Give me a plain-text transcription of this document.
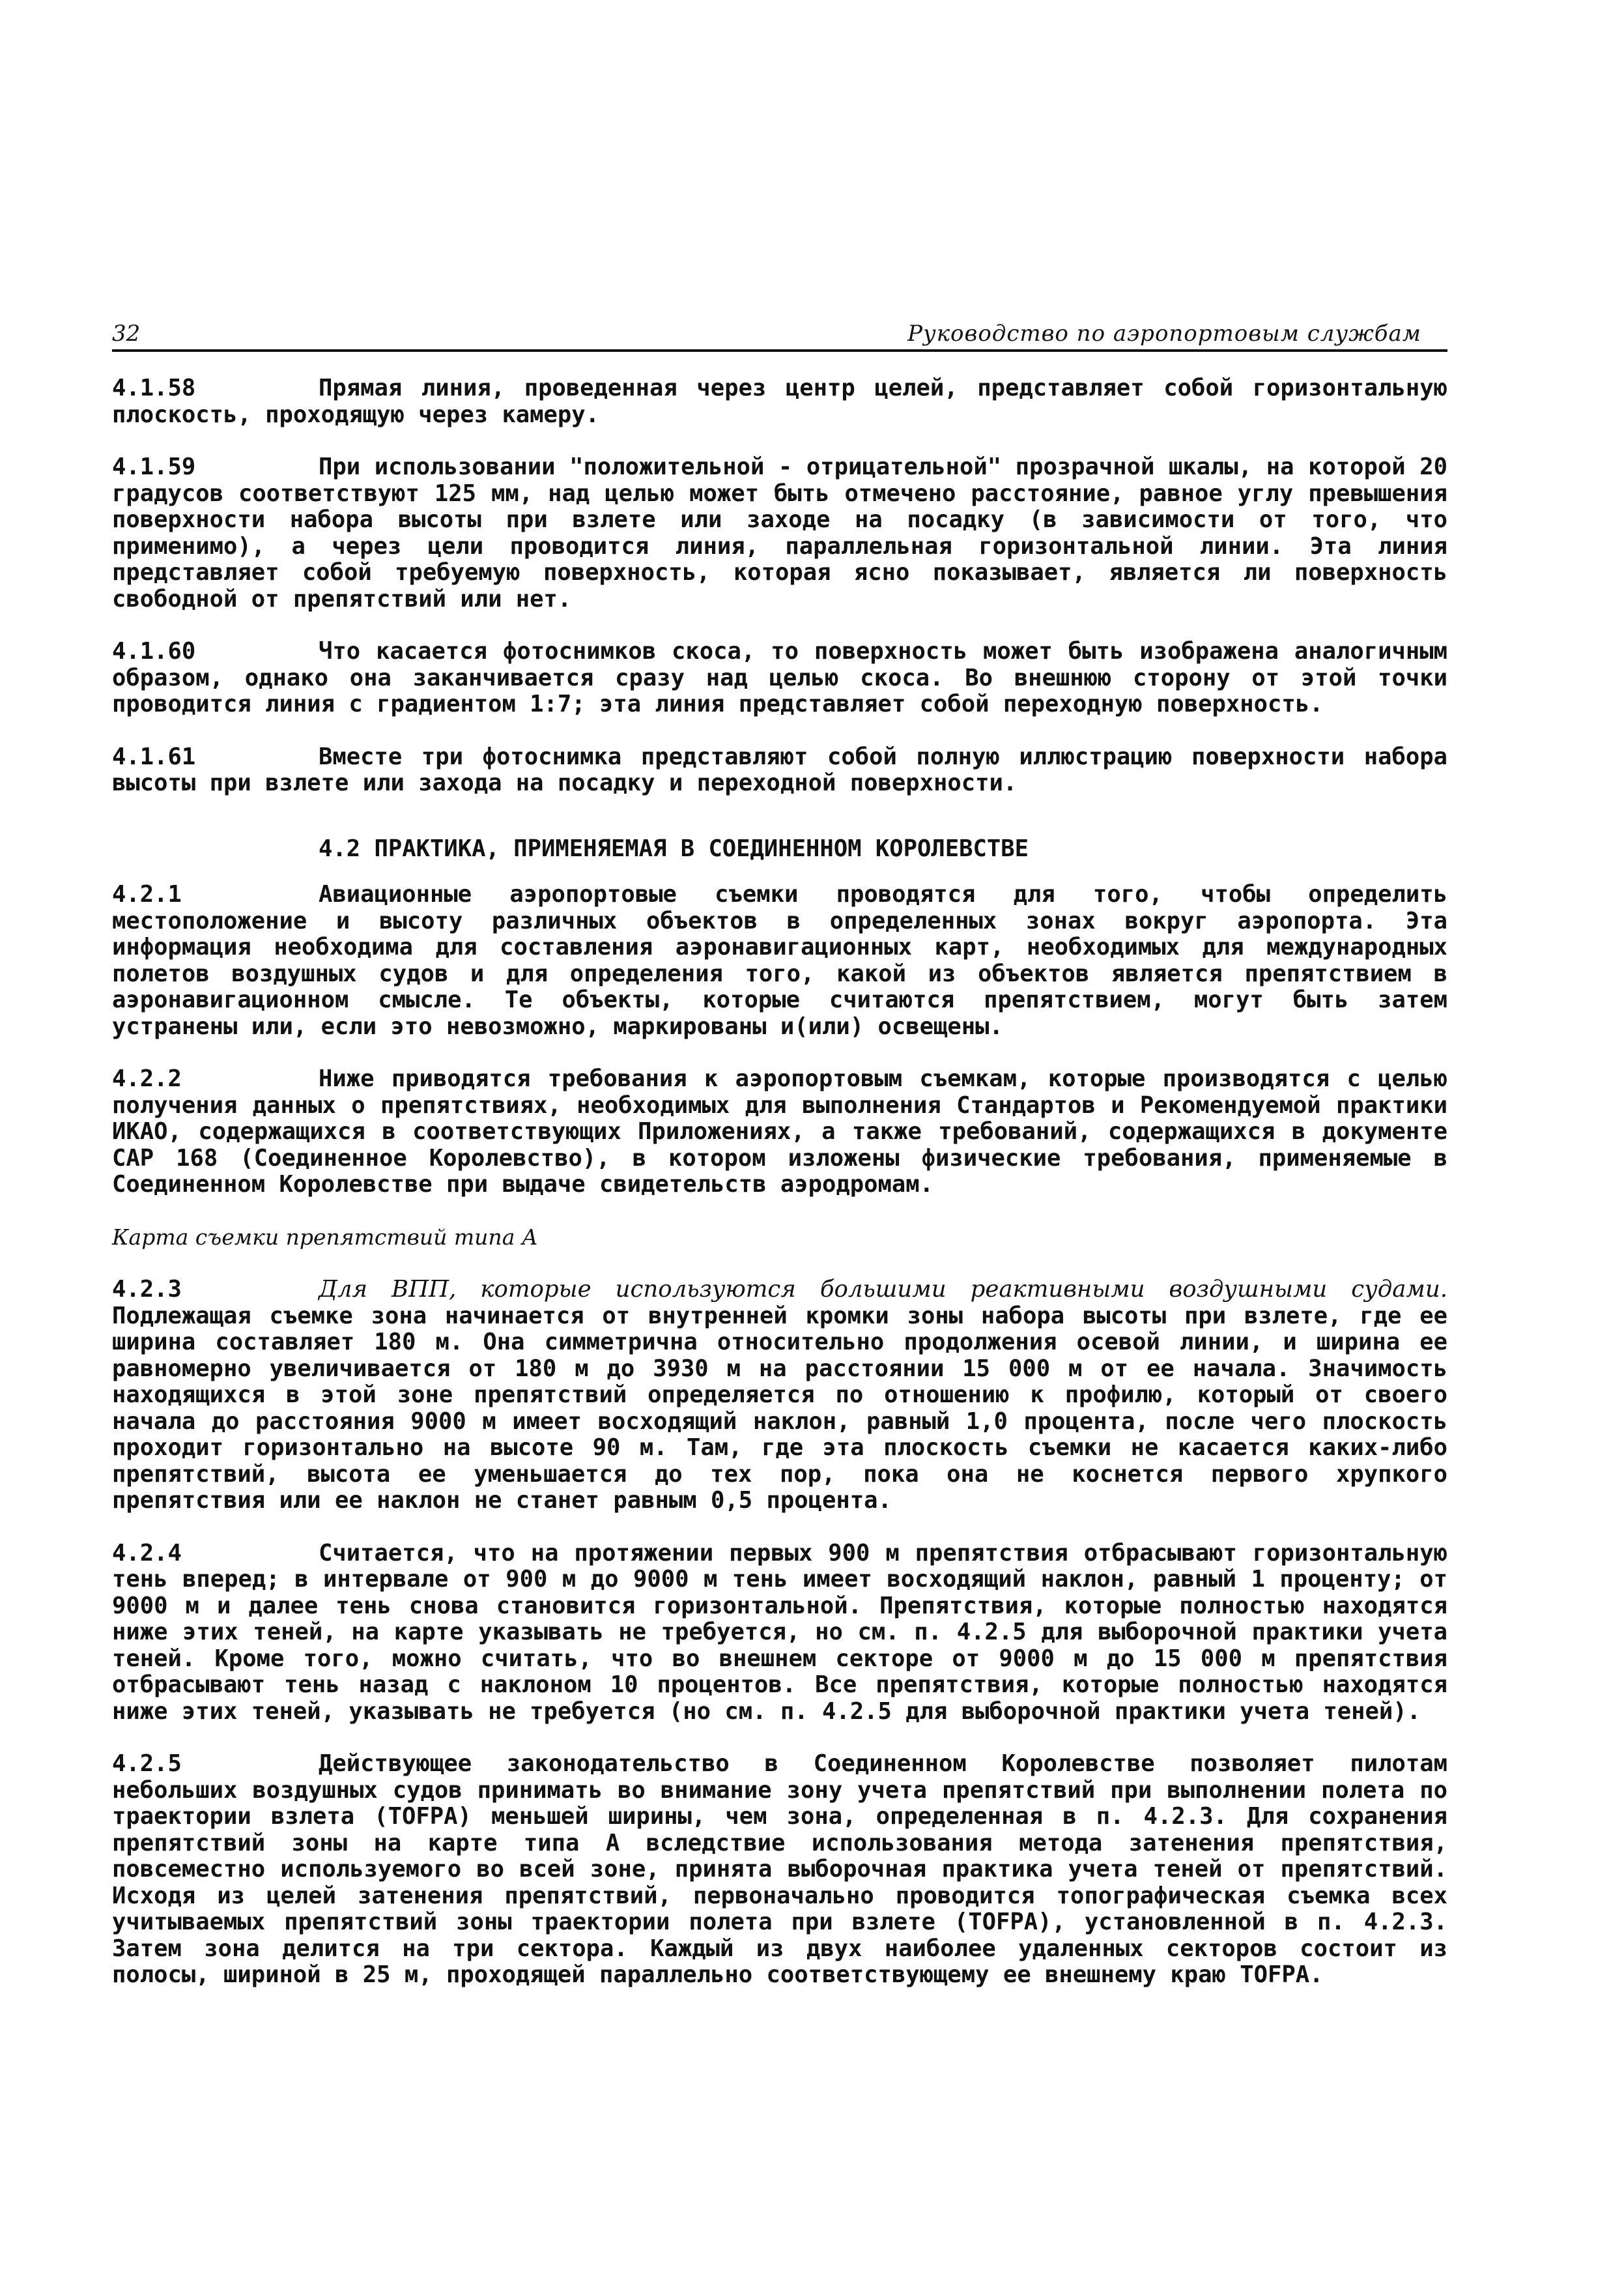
32	Руководство по аэропортовым службам

4.1.58	Прямая линия, проведенная через центр целей, представляет собой горизонтальную плоскость, проходящую через камеру.

4.1.59	При использовании "положительной - отрицательной" прозрачной шкалы, на которой 20 градусов соответствуют 125 мм, над целью может быть отмечено расстояние, равное углу превышения поверхности набора высоты при взлете или заходе на посадку (в зависимости от того, что применимо), а через цели проводится линия, параллельная горизонтальной линии. Эта линия представляет собой требуемую поверхность, которая ясно показывает, является ли поверхность свободной от препятствий или нет.

4.1.60	Что касается фотоснимков скоса, то поверхность может быть изображена аналогичным образом, однако она заканчивается сразу над целью скоса. Во внешнюю сторону от этой точки проводится линия с градиентом 1:7; эта линия представляет собой переходную поверхность.

4.1.61	Вместе три фотоснимка представляют собой полную иллюстрацию поверхности набора высоты при взлете или захода на посадку и переходной поверхности.

4.2 ПРАКТИКА, ПРИМЕНЯЕМАЯ В СОЕДИНЕННОМ КОРОЛЕВСТВЕ

4.2.1	Авиационные аэропортовые съемки проводятся для того, чтобы определить местоположение и высоту различных объектов в определенных зонах вокруг аэропорта. Эта информация необходима для составления аэронавигационных карт, необходимых для международных полетов воздушных судов и для определения того, какой из объектов является препятствием в аэронавигационном смысле. Те объекты, которые считаются препятствием, могут быть затем устранены или, если это невозможно, маркированы и(или) освещены.

4.2.2	Ниже приводятся требования к аэропортовым съемкам, которые производятся с целью получения данных о препятствиях, необходимых для выполнения Стандартов и Рекомендуемой практики ИКАО, содержащихся в соответствующих Приложениях, а также требований, содержащихся в документе САР 168 (Соединенное Королевство), в котором изложены физические требования, применяемые в Соединенном Королевстве при выдаче свидетельств аэродромам.

Карта съемки препятствий типа А

4.2.3	Для ВПП, которые используются большими реактивными воздушными судами. Подлежащая съемке зона начинается от внутренней кромки зоны набора высоты при взлете, где ее ширина составляет 180 м. Она симметрична относительно продолжения осевой линии, и ширина ее равномерно увеличивается от 180 м до 3930 м на расстоянии 15 000 м от ее начала. Значимость находящихся в этой зоне препятствий определяется по отношению к профилю, который от своего начала до расстояния 9000 м имеет восходящий наклон, равный 1,0 процента, после чего плоскость проходит горизонтально на высоте 90 м. Там, где эта плоскость съемки не касается каких-либо препятствий, высота ее уменьшается до тех пор, пока она не коснется первого хрупкого препятствия или ее наклон не станет равным 0,5 процента.

4.2.4	Считается, что на протяжении первых 900 м препятствия отбрасывают горизонтальную тень вперед; в интервале от 900 м до 9000 м тень имеет восходящий наклон, равный 1 проценту; от 9000 м и далее тень снова становится горизонтальной. Препятствия, которые полностью находятся ниже этих теней, на карте указывать не требуется, но см. п. 4.2.5 для выборочной практики учета теней. Кроме того, можно считать, что во внешнем секторе от 9000 м до 15 000 м препятствия отбрасывают тень назад с наклоном 10 процентов. Все препятствия, которые полностью находятся ниже этих теней, указывать не требуется (но см. п. 4.2.5 для выборочной практики учета теней).

4.2.5	Действующее законодательство в Соединенном Королевстве позволяет пилотам небольших воздушных судов принимать во внимание зону учета препятствий при выполнении полета по траектории взлета (TOFPA) меньшей ширины, чем зона, определенная в п. 4.2.3. Для сохранения препятствий зоны на карте типа А вследствие использования метода затенения препятствия, повсеместно используемого во всей зоне, принята выборочная практика учета теней от препятствий. Исходя из целей затенения препятствий, первоначально проводится топографическая съемка всех учитываемых препятствий зоны траектории полета при взлете (TOFPA), установленной в п. 4.2.3. Затем зона делится на три сектора. Каждый из двух наиболее удаленных секторов состоит из полосы, шириной в 25 м, проходящей параллельно соответствующему ее внешнему краю TOFPA.
